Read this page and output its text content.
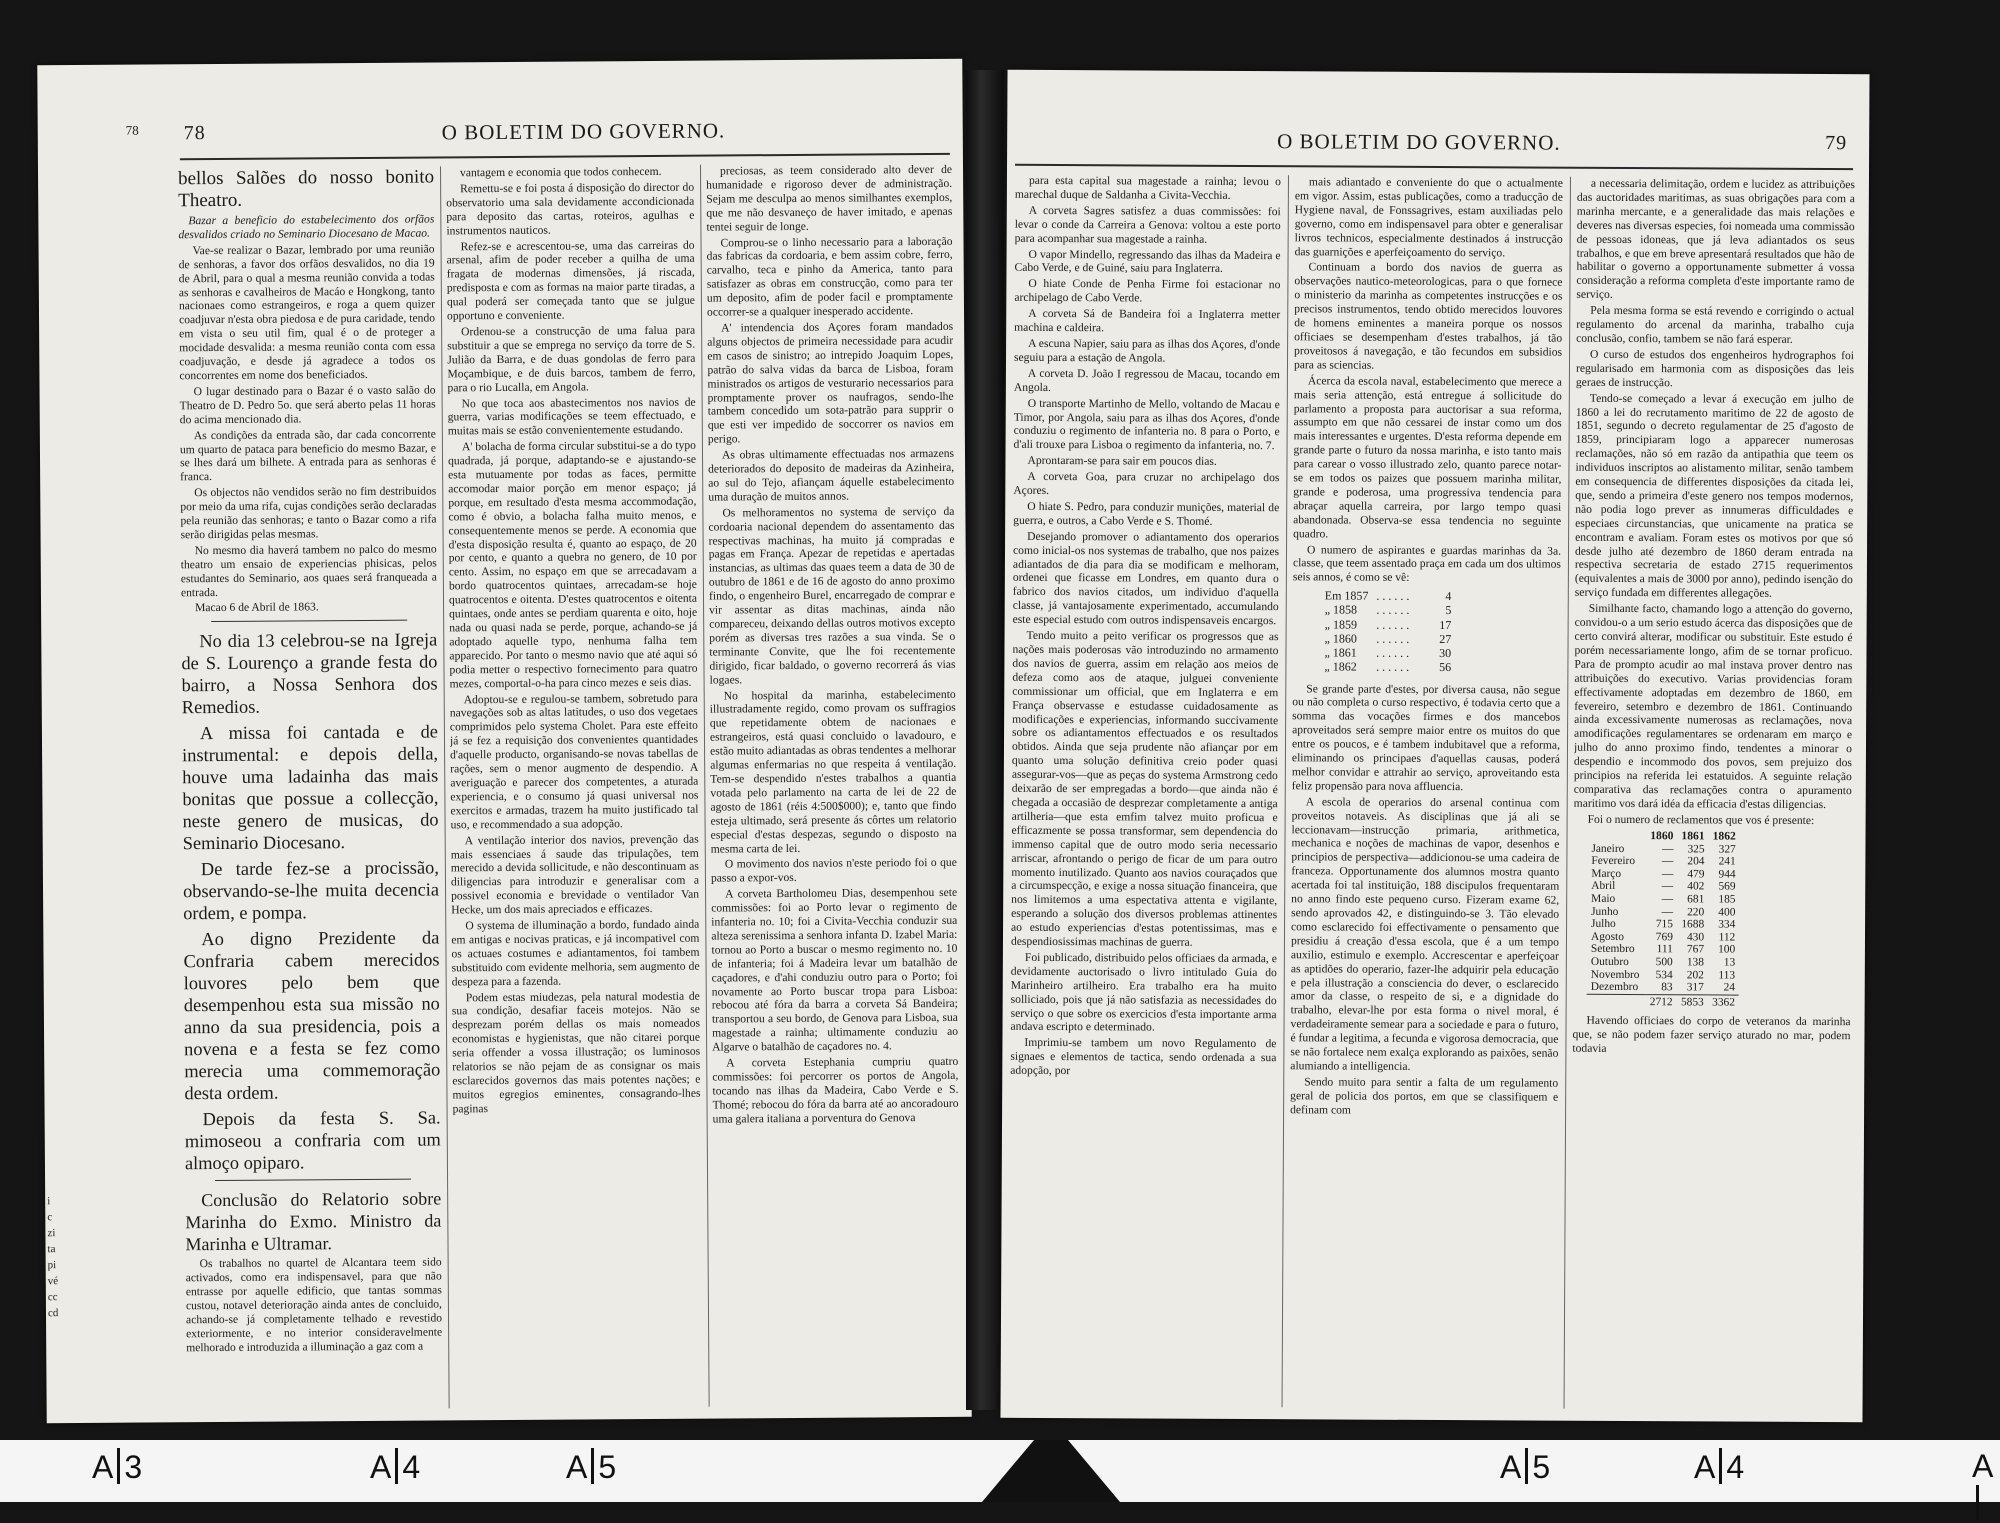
78 78	O BOLETIM DO GOVERNO.

bellos Salões do nosso bonito Theatro.

Bazar a beneficio do estabelecimento dos orfãos desvalidos criado no Seminario Diocesano de Macao.

Vae-se realizar o Bazar, lembrado por uma reunião de senhoras, a favor dos orfãos desvalidos, no dia 19 de Abril, para o qual a mesma reunião convida a todas as senhoras e cavalheiros de Macáo e Hongkong, tanto nacionaes como estrangeiros, e roga a quem quizer coadjuvar n'esta obra piedosa e de pura caridade, tendo em vista o seu util fim, qual é o de proteger a mocidade desvalida: a mesma reunião conta com essa coadjuvação, e desde já agradece a todos os concorrentes em nome dos beneficiados.

O lugar destinado para o Bazar é o vasto salão do Theatro de D. Pedro 5o. que será aberto pelas 11 horas do acima mencionado dia.

As condições da entrada são, dar cada concorrente um quarto de pataca para beneficio do mesmo Bazar, e se lhes dará um bilhete. A entrada para as senhoras é franca.

Os objectos não vendidos serão no fim destribuidos por meio da uma rifa, cujas condições serão declaradas pela reunião das senhoras; e tanto o Bazar como a rifa serão dirigidas pelas mesmas.

No mesmo dia haverá tambem no palco do mesmo theatro um ensaio de experiencias phisicas, pelos estudantes do Seminario, aos quaes será franqueada a entrada.

Macao 6 de Abril de 1863.

No dia 13 celebrou-se na Igreja de S. Lourenço a grande festa do bairro, a Nossa Senhora dos Remedios.

A missa foi cantada e de instrumental: e depois della, houve uma ladainha das mais bonitas que possue a collecção, neste genero de musicas, do Seminario Diocesano.

De tarde fez-se a procissão, observando-se-lhe muita decencia ordem, e pompa.

Ao digno Prezidente da Confraria cabem merecidos louvores pelo bem que desempenhou esta sua missão no anno da sua presidencia, pois a novena e a festa se fez como merecia uma commemoração desta ordem.

Depois da festa S. Sa. mimoseou a confraria com um almoço opiparo.

Conclusão do Relatorio sobre Marinha do Exmo. Ministro da Marinha e Ultramar.

Os trabalhos no quartel de Alcantara teem sido activados, como era indispensavel, para que não entrasse por aquelle edificio, que tantas sommas custou, notavel deterioração ainda antes de concluido, achando-se já completamente telhado e revestido exteriormente, e no interior consideravelmente melhorado e introduzida a illuminação a gaz com a

vantagem e economia que todos conhecem.

Remettu-se e foi posta á disposição do director do observatorio uma sala devidamente accondicionada para deposito das cartas, roteiros, agulhas e instrumentos nauticos.

Refez-se e acrescentou-se, uma das carreiras do arsenal, afim de poder receber a quilha de uma fragata de modernas dimensões, já riscada, predisposta e com as formas na maior parte tiradas, a qual poderá ser começada tanto que se julgue opportuno e conveniente.

Ordenou-se a construcção de uma falua para substituir a que se emprega no serviço da torre de S. Julião da Barra, e de duas gondolas de ferro para Moçambique, e de duis barcos, tambem de ferro, para o rio Lucalla, em Angola.

No que toca aos abastecimentos nos navios de guerra, varias modificações se teem effectuado, e muitas mais se estão convenientemente estudando.

A' bolacha de forma circular substitui-se a do typo quadrada, já porque, adaptando-se e ajustando-se esta mutuamente por todas as faces, permitte accomodar maior porção em menor espaço; já porque, em resultado d'esta mesma accommodação, como é obvio, a bolacha falha muito menos, e consequentemente menos se perde. A economia que d'esta disposição resulta é, quanto ao espaço, de 20 por cento, e quanto a quebra no genero, de 10 por cento. Assim, no espaço em que se arrecadavam a bordo quatrocentos quintaes, arrecadam-se hoje quatrocentos e oitenta. D'estes quatrocentos e oitenta quintaes, onde antes se perdiam quarenta e oito, hoje nada ou quasi nada se perde, porque, achando-se já adoptado aquelle typo, nenhuma falha tem apparecido. Por tanto o mesmo navio que até aqui só podia metter o respectivo fornecimento para quatro mezes, comportal-o-ha para cinco mezes e seis dias.

Adoptou-se e regulou-se tambem, sobretudo para navegações sob as altas latitudes, o uso dos vegetaes comprimidos pelo systema Cholet. Para este effeito já se fez a requisição dos convenientes quantidades d'aquelle producto, organisando-se novas tabellas de rações, sem o menor augmento de despendio. A averiguação e parecer dos competentes, a aturada experiencia, e o consumo já quasi universal nos exercitos e armadas, trazem ha muito justificado tal uso, e recommendado a sua adopção.

A ventilação interior dos navios, prevenção das mais essenciaes á saude das tripulações, tem merecido a devida sollicitude, e não descontinuam as diligencias para introduzir e generalisar com a possivel economia e brevidade o ventilador Van Hecke, um dos mais apreciados e efficazes.

O systema de illuminação a bordo, fundado ainda em antigas e nocivas praticas, e já incompativel com os actuaes costumes e adiantamentos, foi tambem substituido com evidente melhoria, sem augmento de despeza para a fazenda.

Podem estas miudezas, pela natural modestia de sua condição, desafiar faceis motejos. Não se desprezam porém dellas os mais nomeados economistas e hygienistas, que não citarei porque seria offender a vossa illustração; os luminosos relatorios se não pejam de as consignar os mais esclarecidos governos das mais potentes nações; e muitos egregios eminentes, consagrando-lhes paginas

preciosas, as teem considerado alto dever de humanidade e rigoroso dever de administração. Sejam me desculpa ao menos similhantes exemplos, que me não desvaneço de haver imitado, e apenas tentei seguir de longe.

Comprou-se o linho necessario para a laboração das fabricas da cordoaria, e bem assim cobre, ferro, carvalho, teca e pinho da America, tanto para satisfazer as obras em construcção, como para ter um deposito, afim de poder facil e promptamente occorrer-se a qualquer inesperado accidente.

A' intendencia dos Açores foram mandados alguns objectos de primeira necessidade para acudir em casos de sinistro; ao intrepido Joaquim Lopes, patrão do salva vidas da barca de Lisboa, foram ministrados os artigos de vesturario necessarios para promptamente prover os naufragos, sendo-lhe tambem concedido um sota-patrão para supprir o que esti ver impedido de soccorrer os navios em perigo.

As obras ultimamente effectuadas nos armazens deteriorados do deposito de madeiras da Azinheira, ao sul do Tejo, afiançam áquelle estabelecimento uma duração de muitos annos.

Os melhoramentos no systema de serviço da cordoaria nacional dependem do assentamento das respectivas machinas, ha muito já compradas e pagas em França. Apezar de repetidas e apertadas instancias, as ultimas das quaes teem a data de 30 de outubro de 1861 e de 16 de agosto do anno proximo findo, o engenheiro Burel, encarregado de comprar e vir assentar as ditas machinas, ainda não compareceu, deixando dellas outros motivos excepto porém as diversas tres razões a sua vinda. Se o terminante Convite, que lhe foi recentemente dirigido, ficar baldado, o governo recorrerá ás vias logaes.

No hospital da marinha, estabelecimento illustradamente regido, como provam os suffragios que repetidamente obtem de nacionaes e estrangeiros, está quasi concluido o lavadouro, e estão muito adiantadas as obras tendentes a melhorar algumas enfermarias no que respeita á ventilação. Tem-se despendido n'estes trabalhos a quantia votada pelo parlamento na carta de lei de 22 de agosto de 1861 (réis 4:500$000); e, tanto que findo esteja ultimado, será presente ás côrtes um relatorio especial d'estas despezas, segundo o disposto na mesma carta de lei.

O movimento dos navios n'este periodo foi o que passo a expor-vos.

A corveta Bartholomeu Dias, desempenhou sete commissões: foi ao Porto levar o regimento de infanteria no. 10; foi a Civita-Vecchia conduzir sua alteza serenissima a senhora infanta D. Izabel Maria: tornou ao Porto a buscar o mesmo regimento no. 10 de infanteria; foi á Madeira levar um batalhão de caçadores, e d'ahi conduziu outro para o Porto; foi novamente ao Porto buscar tropa para Lisboa: rebocou até fóra da barra a corveta Sá Bandeira; transportou a seu bordo, de Genova para Lisboa, sua magestade a rainha; ultimamente conduziu ao Algarve o batalhão de caçadores no. 4.

A corveta Estephania cumpriu quatro commissões: foi percorrer os portos de Angola, tocando nas ilhas da Madeira, Cabo Verde e S. Thomé; rebocou do fóra da barra até ao ancoradouro uma galera italiana a porventura do Genova

i
c
zi
ta
pi
vé
cc
cd
O BOLETIM DO GOVERNO.	79

para esta capital sua magestade a rainha; levou o marechal duque de Saldanha a Civita-Vecchia.

A corveta Sagres satisfez a duas commissões: foi levar o conde da Carreira a Genova: voltou a este porto para acompanhar sua magestade a rainha.

O vapor Mindello, regressando das ilhas da Madeira e Cabo Verde, e de Guiné, saiu para Inglaterra.

O hiate Conde de Penha Firme foi estacionar no archipelago de Cabo Verde.

A corveta Sá de Bandeira foi a Inglaterra metter machina e caldeira.

A escuna Napier, saiu para as ilhas dos Açores, d'onde seguiu para a estação de Angola.

A corveta D. João I regressou de Macau, tocando em Angola.

O transporte Martinho de Mello, voltando de Macau e Timor, por Angola, saiu para as ilhas dos Açores, d'onde conduziu o regimento de infanteria no. 8 para o Porto, e d'ali trouxe para Lisboa o regimento da infanteria, no. 7.

Aprontaram-se para sair em poucos dias.

A corveta Goa, para cruzar no archipelago dos Açores.

O hiate S. Pedro, para conduzir munições, material de guerra, e outros, a Cabo Verde e S. Thomé.

Desejando promover o adiantamento dos operarios como inicial-os nos systemas de trabalho, que nos paizes adiantados de dia para dia se modificam e melhoram, ordenei que ficasse em Londres, em quanto dura o fabrico dos navios citados, um individuo d'aquella classe, já vantajosamente experimentado, accumulando este especial estudo com outros indispensaveis encargos.

Tendo muito a peito verificar os progressos que as nações mais poderosas vão introduzindo no armamento dos navios de guerra, assim em relação aos meios de defeza como aos de ataque, julguei conveniente commissionar um official, que em Inglaterra e em França observasse e estudasse cuidadosamente as modificações e experiencias, informando succivamente sobre os adiantamentos effectuados e os resultados obtidos. Ainda que seja prudente não afiançar por em quanto uma solução definitiva creio poder quasi assegurar-vos—que as peças do systema Armstrong cedo deixarão de ser empregadas a bordo—que ainda não é chegada a occasião de desprezar completamente a antiga artilheria—que esta emfim talvez muito proficua e efficazmente se possa transformar, sem dependencia do immenso capital que de outro modo seria necessario arriscar, afrontando o perigo de ficar de um para outro momento inutilizado. Quanto aos navios couraçados que a circumspecção, e exige a nossa situação financeira, que nos limitemos a uma espectativa attenta e vigilante, esperando a solução dos diversos problemas attinentes ao estudo experiencias d'estas potentissimas, mas e despendiosissimas machinas de guerra.

Foi publicado, distribuido pelos officiaes da armada, e devidamente auctorisado o livro intitulado Guia do Marinheiro artilheiro. Era trabalho era ha muito solliciado, pois que já não satisfazia as necessidades do serviço o que sobre os exercicios d'esta importante arma andava escripto e determinado.

Imprimiu-se tambem um novo Regulamento de signaes e elementos de tactica, sendo ordenada a sua adopção, por

mais adiantado e conveniente do que o actualmente em vigor. Assim, estas publicações, como a traducção de Hygiene naval, de Fonssagrives, estam auxiliadas pelo governo, como em indispensavel para obter e generalisar livros technicos, especialmente destinados á instrucção das guarnições e aperfeiçoamento do serviço.

Continuam a bordo dos navios de guerra as observações nautico-meteorologicas, para o que fornece o ministerio da marinha as competentes instrucções e os precisos instrumentos, tendo obtido merecidos louvores de homens eminentes a maneira porque os nossos officiaes se desempenham d'estes trabalhos, já tão proveitosos á navegação, e tão fecundos em subsidios para as sciencias.

Ácerca da escola naval, estabelecimento que merece a mais seria attenção, está entregue á sollicitude do parlamento a proposta para auctorisar a sua reforma, assumpto em que não cessarei de instar como um dos mais interessantes e urgentes. D'esta reforma depende em grande parte o futuro da nossa marinha, e isto tanto mais para carear o vosso illustrado zelo, quanto parece notar-se em todos os paizes que possuem marinha militar, grande e poderosa, uma progressiva tendencia para abraçar aquella carreira, por largo tempo quasi abandonada. Observa-se essa tendencia no seguinte quadro.

O numero de aspirantes e guardas marinhas da 3a. classe, que teem assentado praça em cada um dos ultimos seis annos, é como se vê:

Em 1857	. . . . . .	4
„ 1858	. . . . . .	5
„ 1859	. . . . . .	17
„ 1860	. . . . . .	27
„ 1861	. . . . . .	30
„ 1862	. . . . . .	56

Se grande parte d'estes, por diversa causa, não segue ou não completa o curso respectivo, é todavia certo que a somma das vocações firmes e dos mancebos aproveitados será sempre maior entre os muitos do que entre os poucos, e é tambem indubitavel que a reforma, eliminando os principaes d'aquellas causas, poderá melhor convidar e attrahir ao serviço, aproveitando esta feliz propensão para nova affluencia.

A escola de operarios do arsenal continua com proveitos notaveis. As disciplinas que já ali se leccionavam—instrucção primaria, arithmetica, mechanica e noções de machinas de vapor, desenhos e principios de perspectiva—addicionou-se uma cadeira de franceza. Opportunamente dos alumnos mostra quanto acertada foi tal instituição, 188 discipulos frequentaram no anno findo este pequeno curso. Fizeram exame 62, sendo aprovados 42, e distinguindo-se 3. Tão elevado como esclarecido foi effectivamente o pensamento que presidiu á creação d'essa escola, que é a um tempo auxilio, estimulo e exemplo. Accrescentar e aperfeiçoar as aptidões do operario, fazer-lhe adquirir pela educação e pela illustração a consciencia do dever, o esclarecido amor da classe, o respeito de si, e a dignidade do trabalho, elevar-lhe por esta forma o nivel moral, é verdadeiramente semear para a sociedade e para o futuro, é fundar a legitima, a fecunda e vigorosa democracia, que se não fortalece nem exalça explorando as paixões, senão alumiando a intelligencia.

Sendo muito para sentir a falta de um regulamento geral de policia dos portos, em que se classifiquem e definam com

a necessaria delimitação, ordem e lucidez as attribuições das auctoridades maritimas, as suas obrigações para com a marinha mercante, e a generalidade das mais relações e deveres nas diversas especies, foi nomeada uma commissão de pessoas idoneas, que já leva adiantados os seus trabalhos, e que em breve apresentará resultados que hão de habilitar o governo a opportunamente submetter á vossa consideração a reforma completa d'este importante ramo de serviço.

Pela mesma forma se está revendo e corrigindo o actual regulamento do arcenal da marinha, trabalho cuja conclusão, confio, tambem se não fará esperar.

O curso de estudos dos engenheiros hydrographos foi regularisado em harmonia com as disposições das leis geraes de instrucção.

Tendo-se começado a levar á execução em julho de 1860 a lei do recrutamento maritimo de 22 de agosto de 1851, segundo o decreto regulamentar de 25 d'agosto de 1859, principiaram logo a apparecer numerosas reclamações, não só em razão da antipathia que teem os individuos inscriptos ao alistamento militar, senão tambem em consequencia de differentes disposições da citada lei, que, sendo a primeira d'este genero nos tempos modernos, não podia logo prever as innumeras difficuldades e especiaes circunstancias, que unicamente na pratica se encontram e avaliam. Foram estes os motivos por que só desde julho até dezembro de 1860 deram entrada na respectiva secretaria de estado 2715 requerimentos (equivalentes a mais de 3000 por anno), pedindo isenção do serviço fundada em differentes allegações.

Similhante facto, chamando logo a attenção do governo, convidou-o a um serio estudo ácerca das disposições que de certo convirá alterar, modificar ou substituir. Este estudo é porém necessariamente longo, afim de se tornar proficuo. Para de prompto acudir ao mal instava prover dentro nas attribuições do executivo. Varias providencias foram effectivamente adoptadas em dezembro de 1860, em fevereiro, setembro e dezembro de 1861. Continuando ainda excessivamente numerosas as reclamações, nova amodificações regulamentares se ordenaram em março e julho do anno proximo findo, tendentes a minorar o despendio e incommodo dos povos, sem prejuizo dos principios na referida lei estatuidos. A seguinte relação comparativa das reclamações contra o apuramento maritimo vos dará idéa da efficacia d'estas diligencias.

Foi o numero de reclamentos que vos é presente:

	1860	1861	1862
Janeiro	—	325	327
Fevereiro	—	204	241
Março	—	479	944
Abril	—	402	569
Maio	—	681	185
Junho	—	220	400
Julho	715	1688	334
Agosto	769	430	112
Setembro	111	767	100
Outubro	500	138	13
Novembro	534	202	113
Dezembro	83	317	24
	2712	5853	3362

Havendo officiaes do corpo de veteranos da marinha que, se não podem fazer serviço aturado no mar, podem todavia

A 3	A 4	A 5	A 5	A 4	A
